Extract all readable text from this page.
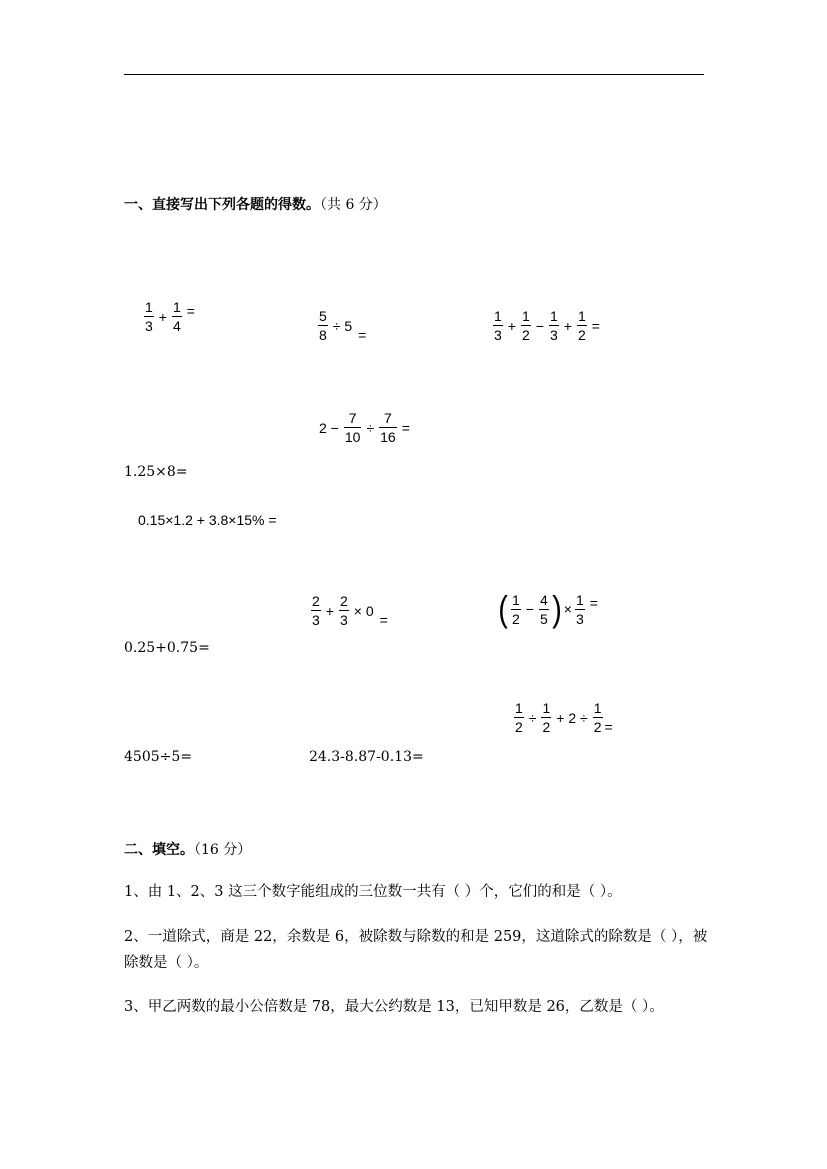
一、直接写出下列各题的得数。（共 6 分）
$\frac{1}{3} + \frac{1}{4}$ =	$\frac{5}{8} \div 5$
=	$\frac{1}{3} + \frac{1}{2} - \frac{1}{3} + \frac{1}{2}$ =
$2 - \frac{7}{10} \div \frac{7}{16}$ =
1.25×8=
0.15×1.2 + 3.8×15% =
$\frac{2}{3} + \frac{2}{3} \times 0$
=	( $\frac{1}{2} - \frac{4}{5}$ ) × $\frac{1}{3}$ =
0.25+0.75=
$\frac{1}{2} \div \frac{1}{2} + 2 \div \frac{1}{2}$ =
4505÷5=	24.3-8.87-0.13=
二、填空。（16 分）
1、由 1、2、3 这三个数字能组成的三位数一共有（ ）个，它们的和是（ ）。
2、一道除式，商是 22，余数是 6，被除数与除数的和是 259，这道除式的除数是（ ），被除数是（ ）。
3、甲乙两数的最小公倍数是 78，最大公约数是 13，已知甲数是 26，乙数是（ ）。
